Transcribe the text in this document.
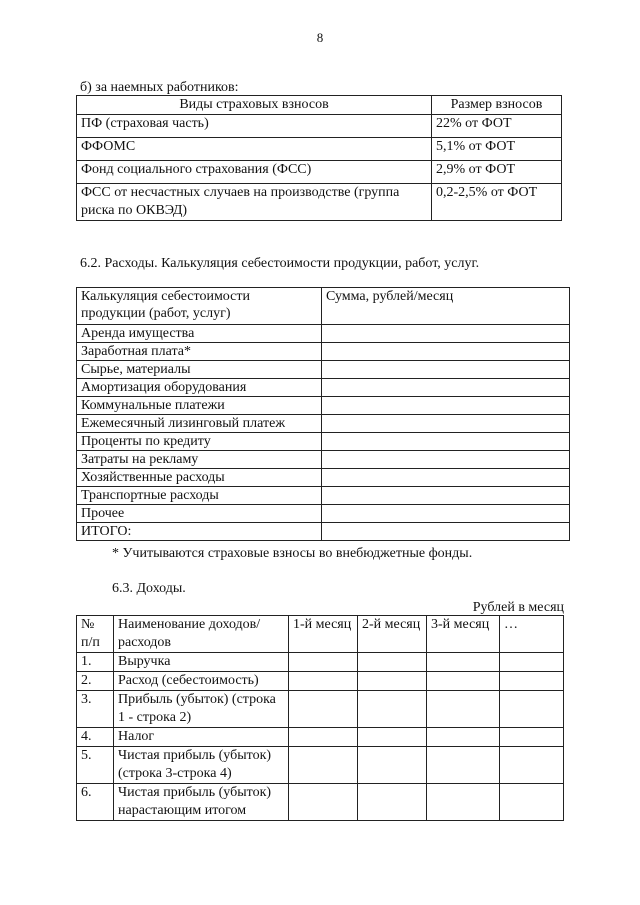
8
б) за наемных работников:
Виды страховых взносов	Размер взносов
ПФ (страховая часть)	22% от ФОТ
ФФОМС	5,1% от ФОТ
Фонд социального страхования (ФСС)	2,9% от ФОТ
ФСС от несчастных случаев на производстве (группа риска по ОКВЭД)	0,2-2,5% от ФОТ
6.2. Расходы. Калькуляция себестоимости продукции, работ, услуг.
Калькуляция себестоимости продукции (работ, услуг)	Сумма, рублей/месяц
Аренда имущества	
Заработная плата*	
Сырье, материалы	
Амортизация оборудования	
Коммунальные платежи	
Ежемесячный лизинговый платеж	
Проценты по кредиту	
Затраты на рекламу	
Хозяйственные расходы	
Транспортные расходы	
Прочее	
ИТОГО:	
* Учитываются страховые взносы во внебюджетные фонды.
6.3. Доходы.
Рублей в месяц
№ п/п	Наименование доходов/расходов	1-й месяц	2-й месяц	3-й месяц	…
1.	Выручка				
2.	Расход (себестоимость)				
3.	Прибыль (убыток) (строка 1 - строка 2)				
4.	Налог				
5.	Чистая прибыль (убыток) (строка 3-строка 4)				
6.	Чистая прибыль (убыток) нарастающим итогом				
